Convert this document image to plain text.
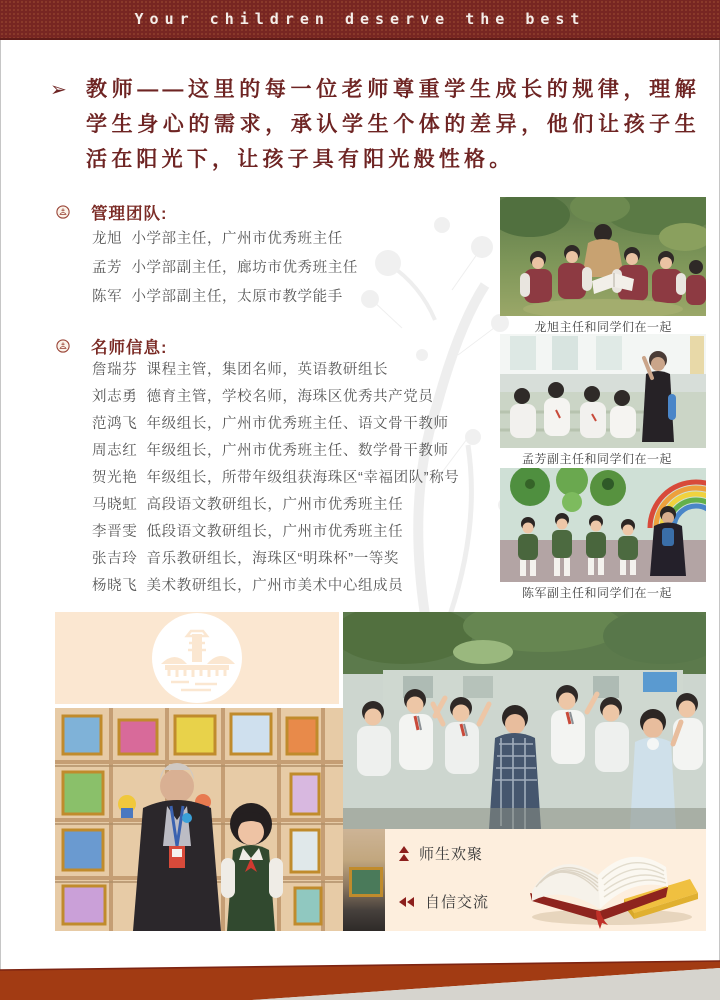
Your children deserve the best
➢ 教师——这里的每一位老师尊重学生成长的规律，理解学生身心的需求，承认学生个体的差异，他们让孩子生活在阳光下，让孩子具有阳光般性格。

管理团队:
龙旭  小学部主任，广州市优秀班主任
孟芳  小学部副主任，廊坊市优秀班主任
陈军  小学部副主任，太原市教学能手
名师信息:
詹瑞芬  课程主管，集团名师，英语教研组长
刘志勇  德育主管，学校名师，海珠区优秀共产党员
范鸿飞  年级组长，广州市优秀班主任、语文骨干教师
周志红  年级组长，广州市优秀班主任、数学骨干教师
贺光艳  年级组长，所带年级组获海珠区“幸福团队”称号
马晓虹  高段语文教研组长，广州市优秀班主任
李晋雯  低段语文教研组长，广州市优秀班主任
张吉玲  音乐教研组长，海珠区“明珠杯”一等奖
杨晓飞  美术教研组长，广州市美术中心组成员
龙旭主任和同学们在一起
孟芳副主任和同学们在一起
陈军副主任和同学们在一起
师生欢聚
自信交流
